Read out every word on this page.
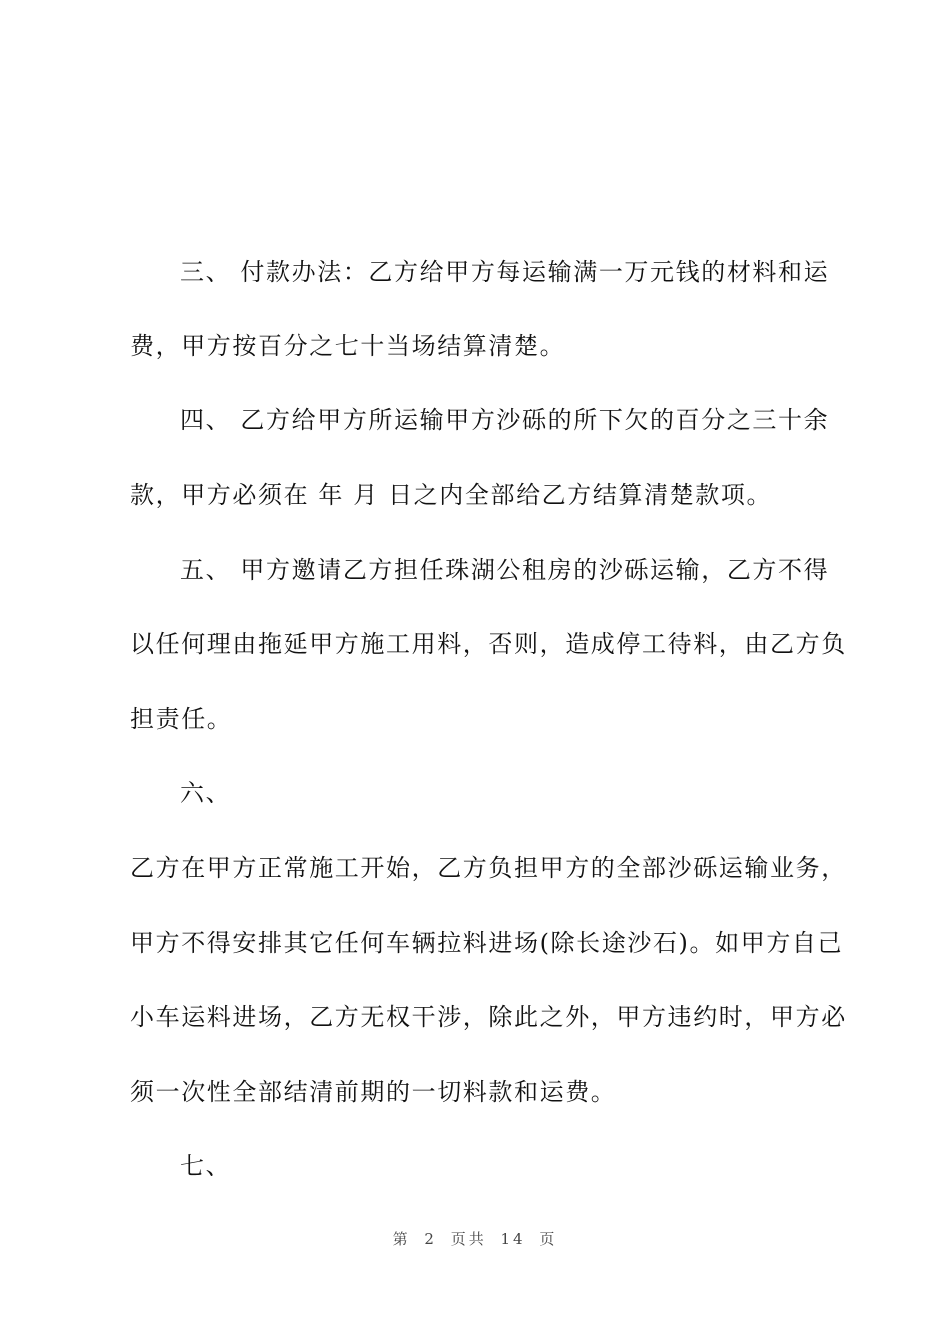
三、 付款办法：乙方给甲方每运输满一万元钱的材料和运
费，甲方按百分之七十当场结算清楚。
四、 乙方给甲方所运输甲方沙砾的所下欠的百分之三十余
款，甲方必须在 年 月 日之内全部给乙方结算清楚款项。
五、 甲方邀请乙方担任珠湖公租房的沙砾运输，乙方不得
以任何理由拖延甲方施工用料，否则，造成停工待料，由乙方负
担责任。
六、
乙方在甲方正常施工开始，乙方负担甲方的全部沙砾运输业务，
甲方不得安排其它任何车辆拉料进场(除长途沙石)。如甲方自己
小车运料进场，乙方无权干涉，除此之外，甲方违约时，甲方必
须一次性全部结清前期的一切料款和运费。
七、
第 2 页共 14 页
